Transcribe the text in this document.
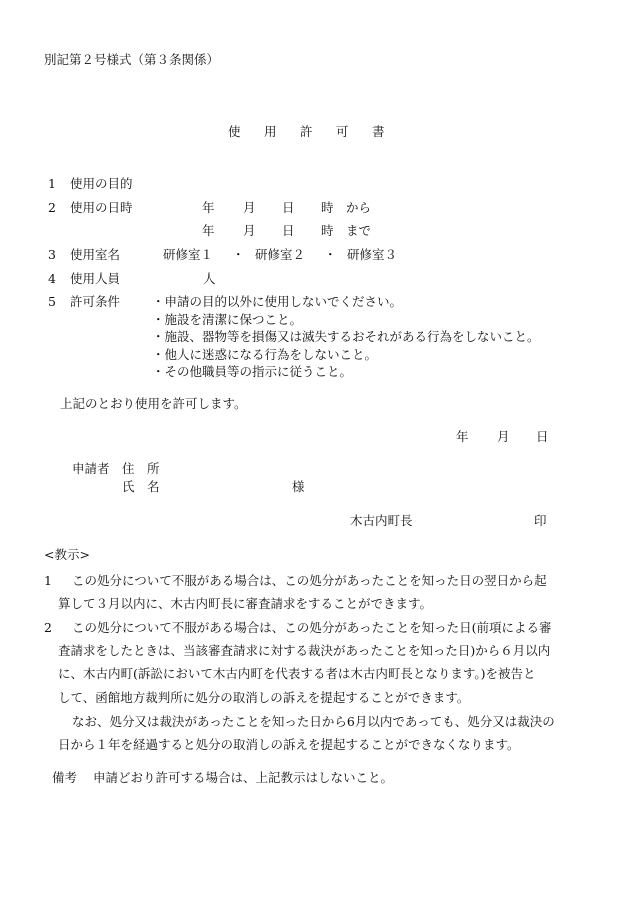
別記第２号様式（第３条関係）
使 用 許 可 書
1 使用の目的
2 使用の日時	年 月 日 時 から
年 月 日 時 まで
3 使用室名	研修室１ ・ 研修室２ ・ 研修室３
4 使用人員	人
5 許可条件	・申請の目的以外に使用しないでください。
・施設を清潔に保つこと。
・施設、器物等を損傷又は滅失するおそれがある行為をしないこと。
・他人に迷惑になる行為をしないこと。
・その他職員等の指示に従うこと。
上記のとおり使用を許可します。
年 月 日
申請者 住　所
氏　名	様
木古内町長	印
<教示>
1 この処分について不服がある場合は、この処分があったことを知った日の翌日から起
算して３月以内に、木古内町長に審査請求をすることができます。
2 この処分について不服がある場合は、この処分があったことを知った日(前項による審
査請求をしたときは、当該審査請求に対する裁決があったことを知った日)から６月以内
に、木古内町(訴訟において木古内町を代表する者は木古内町長となります。)を被告と
して、函館地方裁判所に処分の取消しの訴えを提起することができます。
なお、処分又は裁決があったことを知った日から6月以内であっても、処分又は裁決の
日から１年を経過すると処分の取消しの訴えを提起することができなくなります。
備考 申請どおり許可する場合は、上記教示はしないこと。
